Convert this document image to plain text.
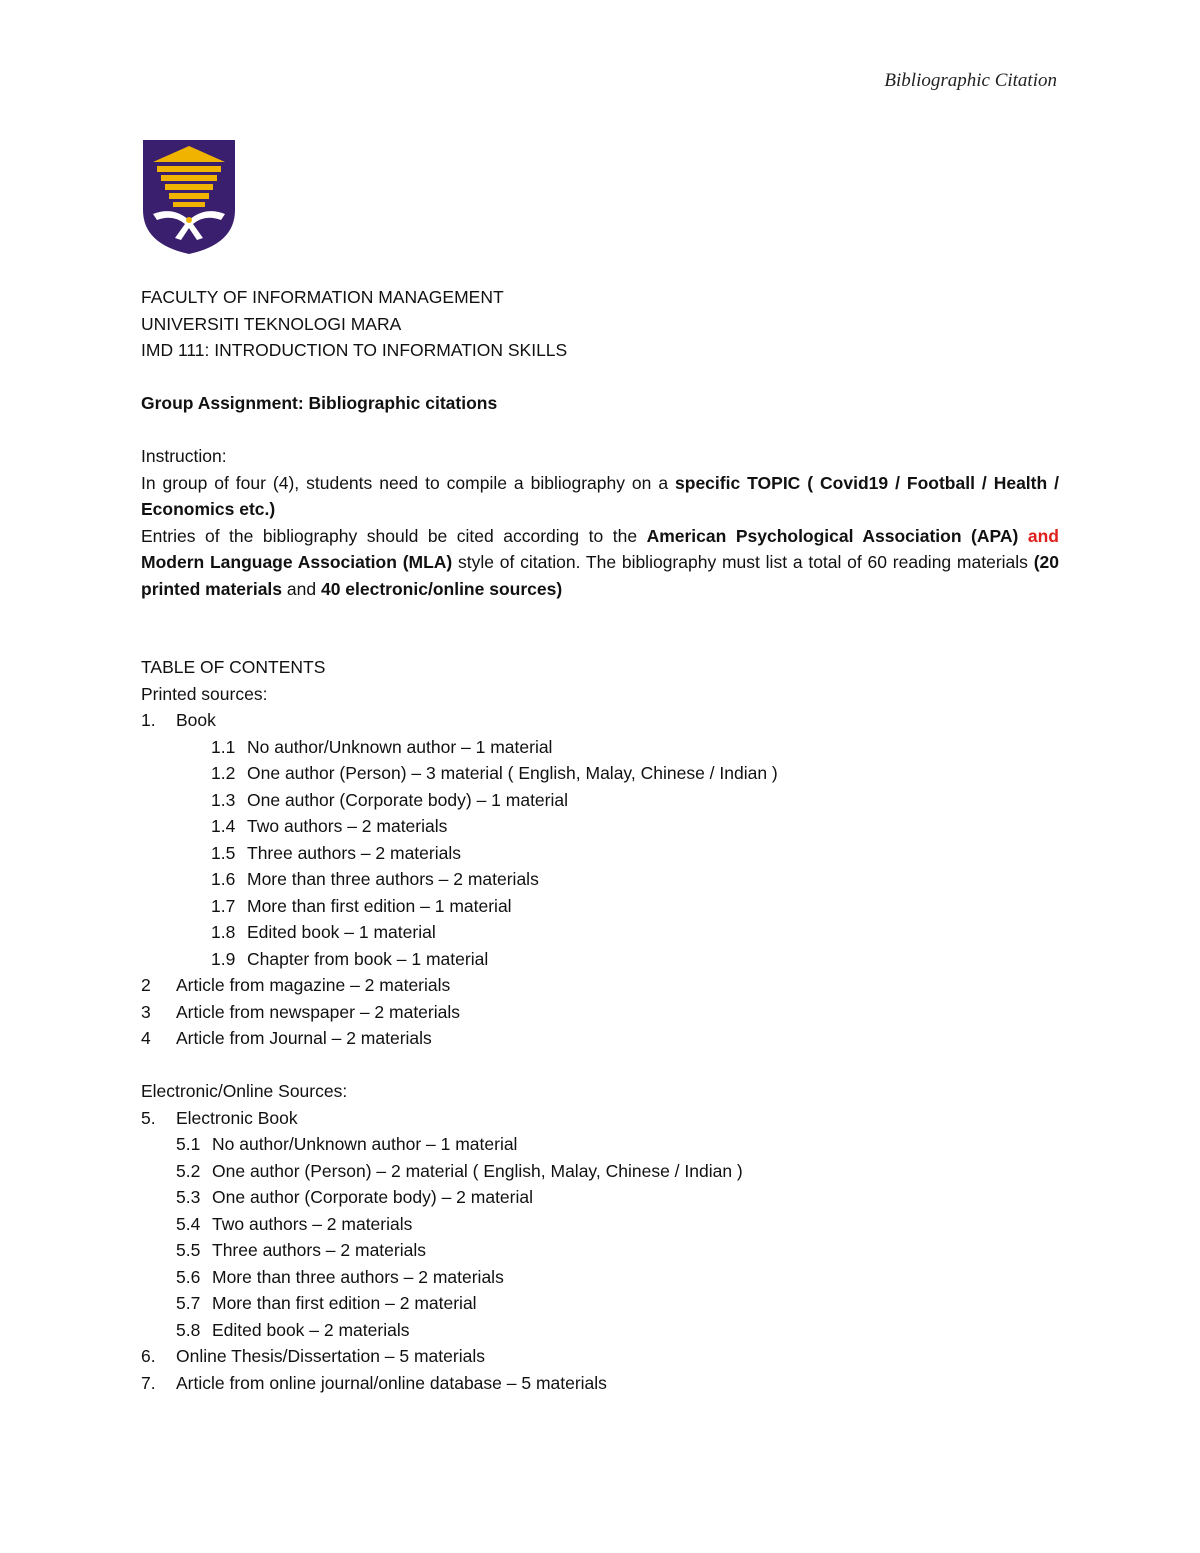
Bibliographic Citation
FACULTY OF INFORMATION MANAGEMENT
UNIVERSITI TEKNOLOGI MARA
IMD 111: INTRODUCTION TO INFORMATION SKILLS
Group Assignment: Bibliographic citations
Instruction:
In group of four (4), students need to compile a bibliography on a specific TOPIC ( Covid19 / Football / Health / Economics etc.)
Entries of the bibliography should be cited according to the American Psychological Association (APA) and Modern Language Association (MLA) style of citation. The bibliography must list a total of 60 reading materials (20 printed materials and 40 electronic/online sources)
TABLE OF CONTENTS
Printed sources:
1.	Book
1.1 No author/Unknown author – 1 material
1.2 One author (Person) – 3 material ( English, Malay, Chinese / Indian )
1.3 One author (Corporate body) – 1 material
1.4 Two authors – 2 materials
1.5 Three authors – 2 materials
1.6 More than three authors – 2 materials
1.7 More than first edition – 1 material
1.8 Edited book – 1 material
1.9 Chapter from book – 1 material
2	Article from magazine – 2 materials
3	Article from newspaper – 2 materials
4	Article from Journal – 2 materials
Electronic/Online Sources:
5.	Electronic Book
5.1 No author/Unknown author – 1 material
5.2 One author (Person) – 2 material ( English, Malay, Chinese / Indian )
5.3 One author (Corporate body) – 2 material
5.4 Two authors – 2 materials
5.5 Three authors – 2 materials
5.6 More than three authors – 2 materials
5.7 More than first edition – 2 material
5.8 Edited book – 2 materials
6.	Online Thesis/Dissertation – 5 materials
7.	Article from online journal/online database – 5 materials
